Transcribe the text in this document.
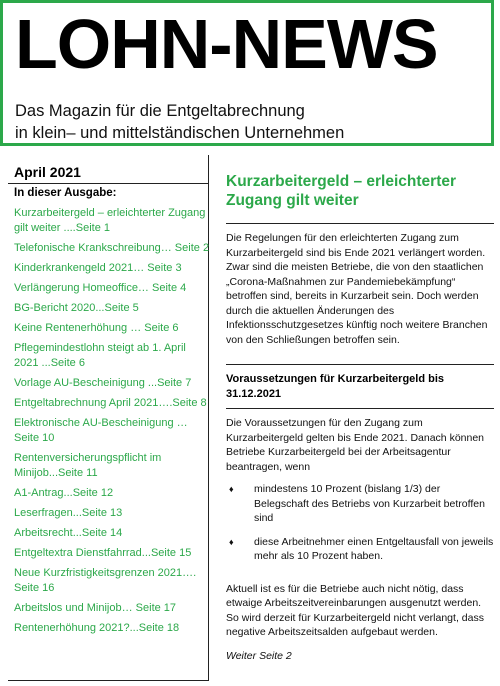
LOHN-NEWS
Das Magazin für die Entgeltabrechnung
in klein– und mittelständischen Unternehmen
April 2021
In dieser Ausgabe:
Kurzarbeitergeld – erleichterter Zugang gilt weiter ....Seite 1
Telefonische Krankschreibung… Seite 2
Kinderkrankengeld 2021… Seite 3
Verlängerung Homeoffice… Seite 4
BG-Bericht 2020...Seite 5
Keine Rentenerhöhung … Seite 6
Pflegemindestlohn steigt ab 1. April 2021 ...Seite 6
Vorlage AU-Bescheinigung ...Seite 7
Entgeltabrechnung April 2021….Seite 8
Elektronische AU-Bescheinigung … Seite 10
Rentenversicherungspflicht im Minijob...Seite 11
A1-Antrag...Seite 12
Leserfragen...Seite 13
Arbeitsrecht...Seite 14
Entgeltextra Dienstfahrrad...Seite 15
Neue Kurzfristigkeitsgrenzen 2021…. Seite 16
Arbeitslos und Minijob… Seite 17
Rentenerhöhung 2021?...Seite 18
Kurzarbeitergeld – erleichterter Zugang gilt weiter

Die Regelungen für den erleichterten Zugang zum Kurzarbeitergeld sind bis Ende 2021 verlängert worden. Zwar sind die meisten Betriebe, die von den staatlichen „Corona-Maßnahmen zur Pandemiebekämpfung“ betroffen sind, bereits in Kurzarbeit sein. Doch werden durch die aktuellen Änderungen des Infektionsschutzgesetzes künftig noch weitere Branchen von den Schließungen betroffen sein.

Voraussetzungen für Kurzarbeitergeld bis 31.12.2021

Die Voraussetzungen für den Zugang zum Kurzarbeitergeld gelten bis Ende 2021. Danach können Betriebe Kurzarbeitergeld bei der Arbeitsagentur beantragen, wenn

♦ mindestens 10 Prozent (bislang 1/3) der Belegschaft des Betriebs von Kurzarbeit betroffen sind
♦ diese Arbeitnehmer einen Entgeltausfall von jeweils mehr als 10 Prozent haben.

Aktuell ist es für die Betriebe auch nicht nötig, dass etwaige Arbeitszeitvereinbarungen ausgenutzt werden. So wird derzeit für Kurzarbeitergeld nicht verlangt, dass negative Arbeitszeitsalden aufgebaut werden.

Weiter Seite 2
